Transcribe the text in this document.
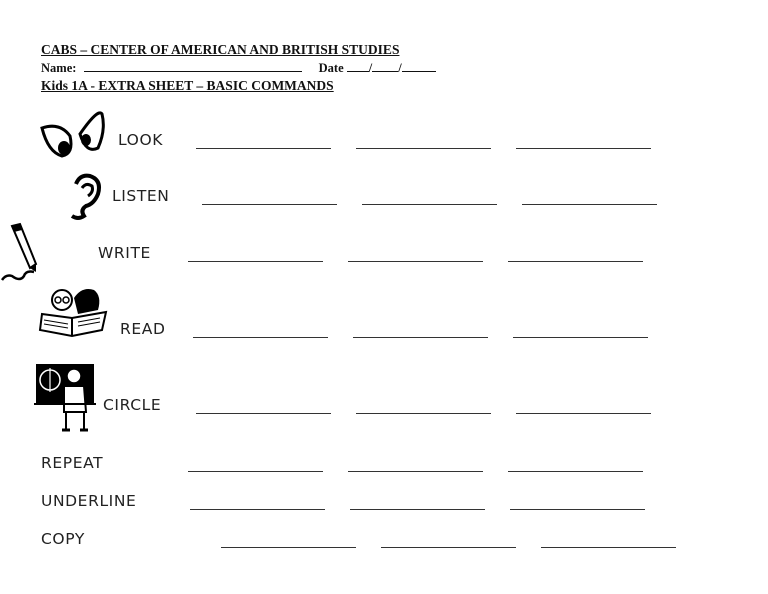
CABS – CENTER OF AMERICAN AND BRITISH STUDIES
Name:	Date / /
Kids 1A - EXTRA SHEET – BASIC COMMANDS
LOOK
LISTEN
WRITE
READ
CIRCLE
REPEAT
UNDERLINE
COPY
